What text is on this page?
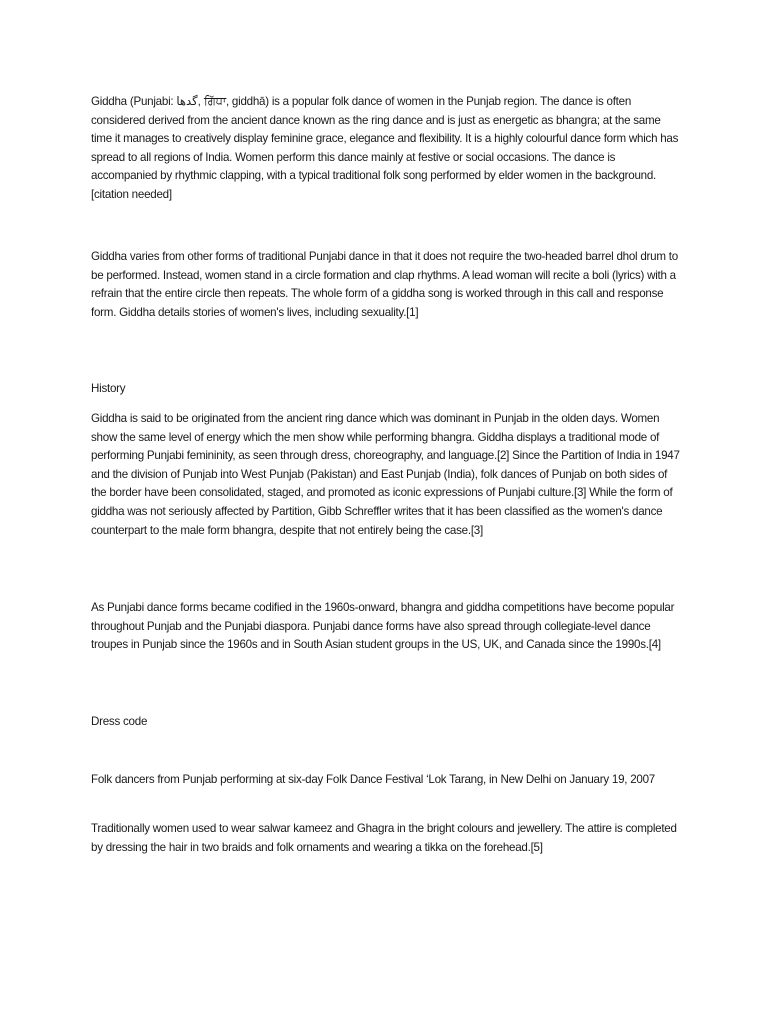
Giddha (Punjabi: گدھا, ਗਿੱਧਾ, giddhā) is a popular folk dance of women in the Punjab region. The dance is often considered derived from the ancient dance known as the ring dance and is just as energetic as bhangra; at the same time it manages to creatively display feminine grace, elegance and flexibility. It is a highly colourful dance form which has spread to all regions of India. Women perform this dance mainly at festive or social occasions. The dance is accompanied by rhythmic clapping, with a typical traditional folk song performed by elder women in the background.[citation needed]

Giddha varies from other forms of traditional Punjabi dance in that it does not require the two-headed barrel dhol drum to be performed. Instead, women stand in a circle formation and clap rhythms. A lead woman will recite a boli (lyrics) with a refrain that the entire circle then repeats. The whole form of a giddha song is worked through in this call and response form. Giddha details stories of women's lives, including sexuality.[1]

History

Giddha is said to be originated from the ancient ring dance which was dominant in Punjab in the olden days. Women show the same level of energy which the men show while performing bhangra. Giddha displays a traditional mode of performing Punjabi femininity, as seen through dress, choreography, and language.[2] Since the Partition of India in 1947 and the division of Punjab into West Punjab (Pakistan) and East Punjab (India), folk dances of Punjab on both sides of the border have been consolidated, staged, and promoted as iconic expressions of Punjabi culture.[3] While the form of giddha was not seriously affected by Partition, Gibb Schreffler writes that it has been classified as the women's dance counterpart to the male form bhangra, despite that not entirely being the case.[3]

As Punjabi dance forms became codified in the 1960s-onward, bhangra and giddha competitions have become popular throughout Punjab and the Punjabi diaspora. Punjabi dance forms have also spread through collegiate-level dance troupes in Punjab since the 1960s and in South Asian student groups in the US, UK, and Canada since the 1990s.[4]

Dress code

Folk dancers from Punjab performing at six-day Folk Dance Festival ‘Lok Tarang, in New Delhi on January 19, 2007

Traditionally women used to wear salwar kameez and Ghagra in the bright colours and jewellery. The attire is completed by dressing the hair in two braids and folk ornaments and wearing a tikka on the forehead.[5]
